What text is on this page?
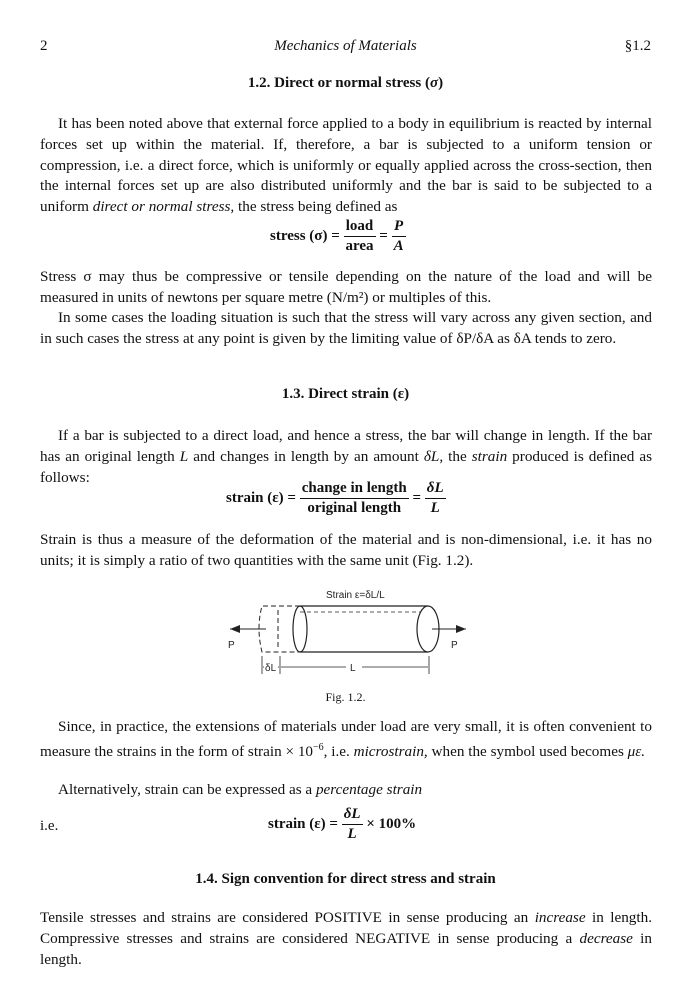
2	Mechanics of Materials	§1.2
1.2. Direct or normal stress (σ)
It has been noted above that external force applied to a body in equilibrium is reacted by internal forces set up within the material. If, therefore, a bar is subjected to a uniform tension or compression, i.e. a direct force, which is uniformly or equally applied across the cross-section, then the internal forces set up are also distributed uniformly and the bar is said to be subjected to a uniform direct or normal stress, the stress being defined as
stress $(\sigma) = \frac{\text{load}}{\text{area}} = \frac{P}{A}$
Stress σ may thus be compressive or tensile depending on the nature of the load and will be measured in units of newtons per square metre (N/m²) or multiples of this.
In some cases the loading situation is such that the stress will vary across any given section, and in such cases the stress at any point is given by the limiting value of δP/δA as δA tends to zero.
1.3. Direct strain (ε)
If a bar is subjected to a direct load, and hence a stress, the bar will change in length. If the bar has an original length L and changes in length by an amount δL, the strain produced is defined as follows:
strain $(\varepsilon) = \frac{\text{change in length}}{\text{original length}} = \frac{\delta L}{L}$
Strain is thus a measure of the deformation of the material and is non-dimensional, i.e. it has no units; it is simply a ratio of two quantities with the same unit (Fig. 1.2).
Strain ε=δL/L
P	P
δL	L
Fig. 1.2.
Since, in practice, the extensions of materials under load are very small, it is often convenient to measure the strains in the form of strain × $10^{-6}$, i.e. microstrain, when the symbol used becomes με.
Alternatively, strain can be expressed as a percentage strain
i.e.	strain $(\varepsilon) = \frac{\delta L}{L} \times 100\%$
1.4. Sign convention for direct stress and strain
Tensile stresses and strains are considered POSITIVE in sense producing an increase in length. Compressive stresses and strains are considered NEGATIVE in sense producing a decrease in length.
